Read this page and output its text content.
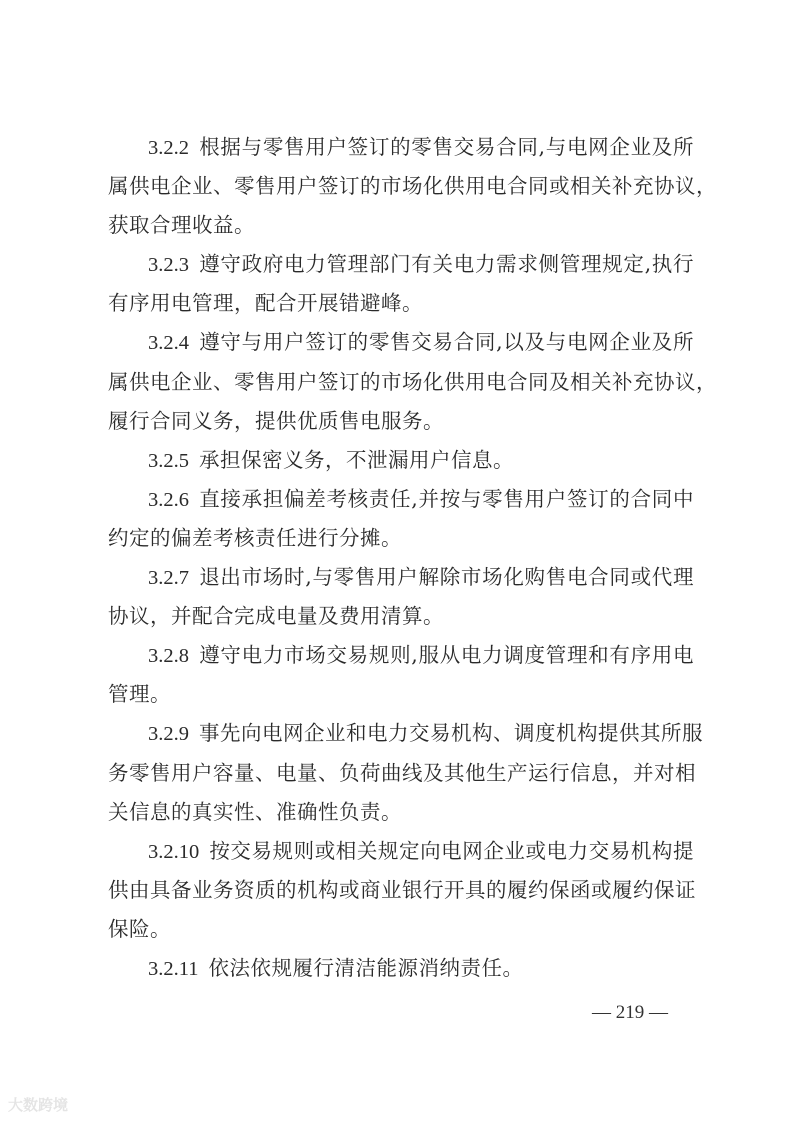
3.2.2 根据与零售用户签订的零售交易合同,与电网企业及所
属供电企业、零售用户签订的市场化供用电合同或相关补充协议，
获取合理收益。
3.2.3 遵守政府电力管理部门有关电力需求侧管理规定,执行
有序用电管理，配合开展错避峰。
3.2.4 遵守与用户签订的零售交易合同,以及与电网企业及所
属供电企业、零售用户签订的市场化供用电合同及相关补充协议，
履行合同义务，提供优质售电服务。
3.2.5 承担保密义务，不泄漏用户信息。
3.2.6 直接承担偏差考核责任,并按与零售用户签订的合同中
约定的偏差考核责任进行分摊。
3.2.7 退出市场时,与零售用户解除市场化购售电合同或代理
协议，并配合完成电量及费用清算。
3.2.8 遵守电力市场交易规则,服从电力调度管理和有序用电
管理。
3.2.9 事先向电网企业和电力交易机构、调度机构提供其所服
务零售用户容量、电量、负荷曲线及其他生产运行信息，并对相
关信息的真实性、准确性负责。
3.2.10 按交易规则或相关规定向电网企业或电力交易机构提
供由具备业务资质的机构或商业银行开具的履约保函或履约保证
保险。
3.2.11 依法依规履行清洁能源消纳责任。
— 219 —
大数跨境
